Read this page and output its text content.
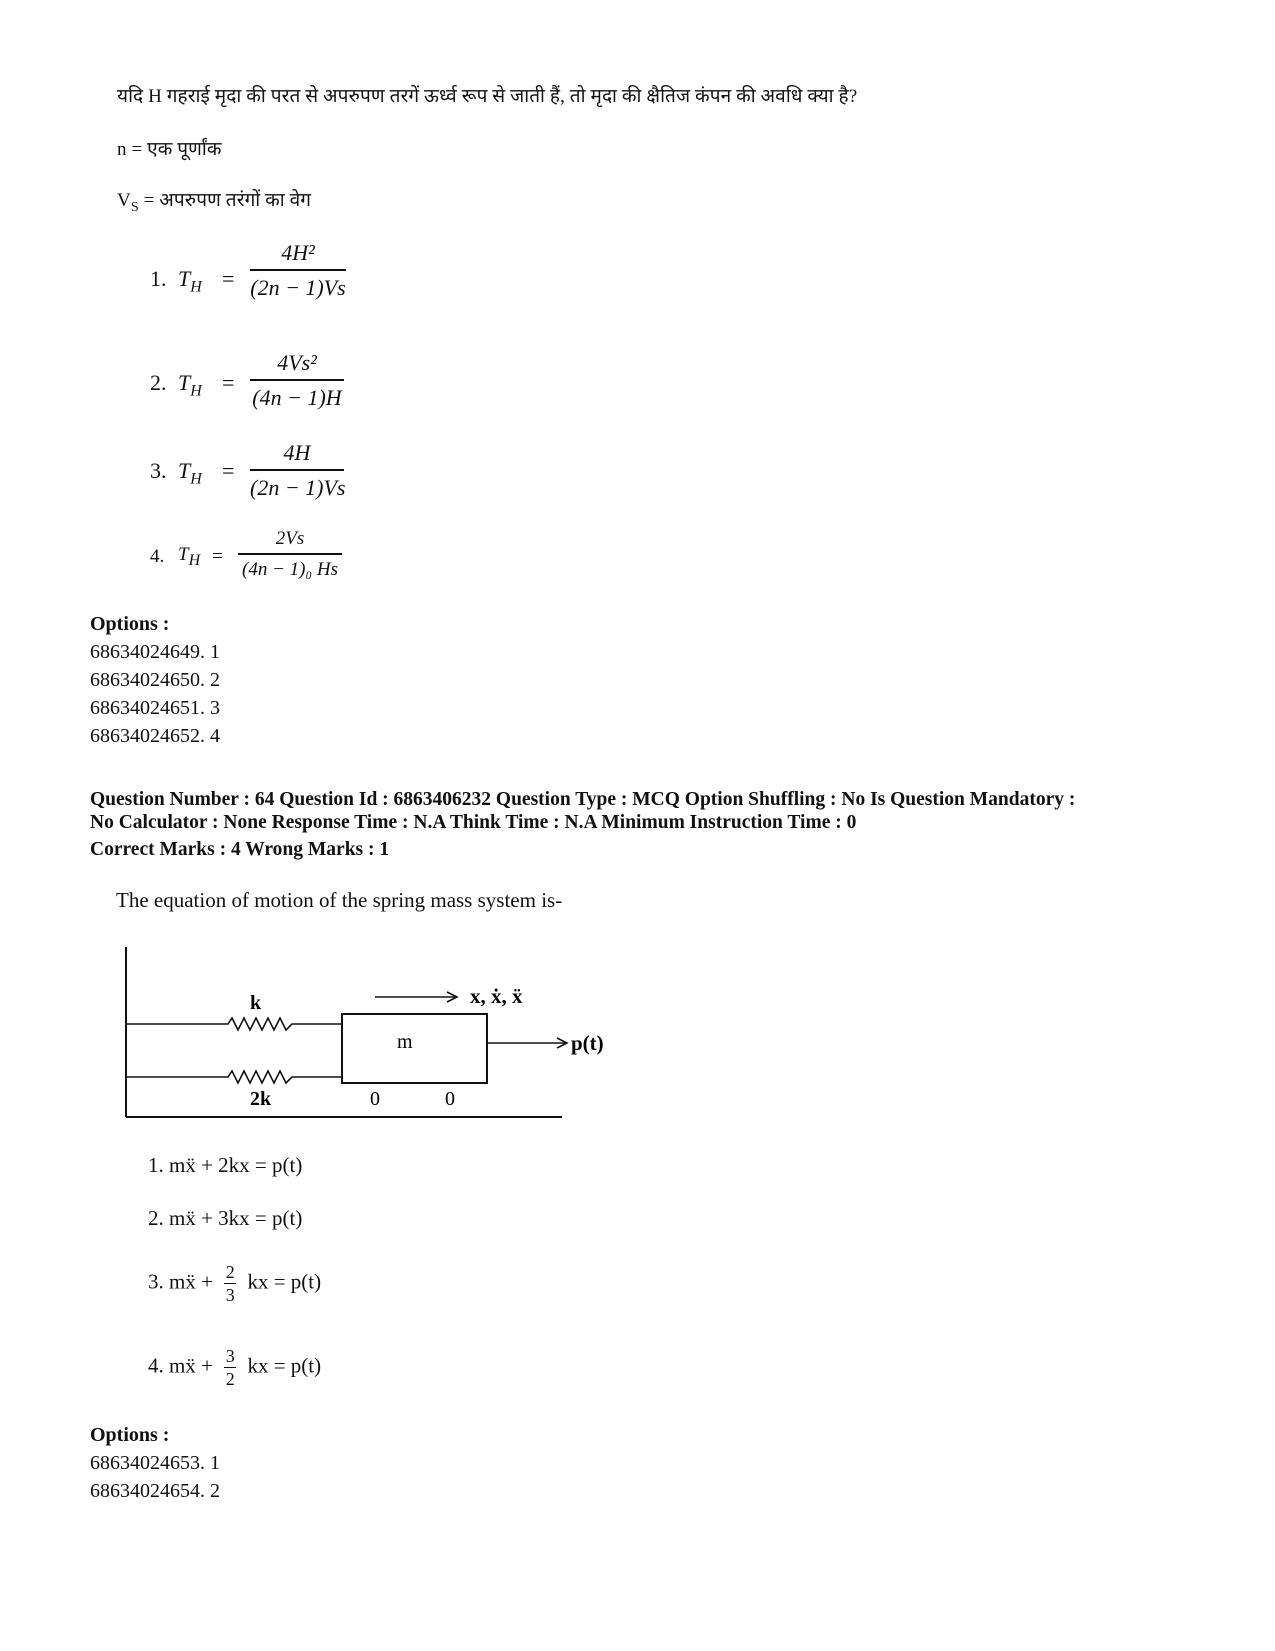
यदि H गहराई मृदा की परत से अपरुपण तरगें ऊर्ध्व रूप से जाती हैं, तो मृदा की क्षैतिज कंपन की अवधि क्या है?
n = एक पूर्णांक
$V_S$ = अपरुपण तरंगों का वेग
1. $T_H$ =
4H²
(2n − 1)Vs
2. $T_H$ =
4Vs²
(4n − 1)H
3. $T_H$ =
4H
(2n − 1)Vs
4. $T_H$ =
2Vs
(4n − 1)₀ Hs
Options :
68634024649. 1
68634024650. 2
68634024651. 3
68634024652. 4
Question Number : 64 Question Id : 6863406232 Question Type : MCQ Option Shuffling : No Is Question Mandatory :
No Calculator : None Response Time : N.A Think Time : N.A Minimum Instruction Time : 0
Correct Marks : 4 Wrong Marks : 1
The equation of motion of the spring mass system is-
k
2k
m
x, ẋ, ẍ
p(t)
0	0
1. mẍ + 2kx = p(t)
2. mẍ + 3kx = p(t)
3. mẍ + $\frac{2}{3}$ kx = p(t)
4. mẍ + $\frac{3}{2}$ kx = p(t)
Options :
68634024653. 1
68634024654. 2
